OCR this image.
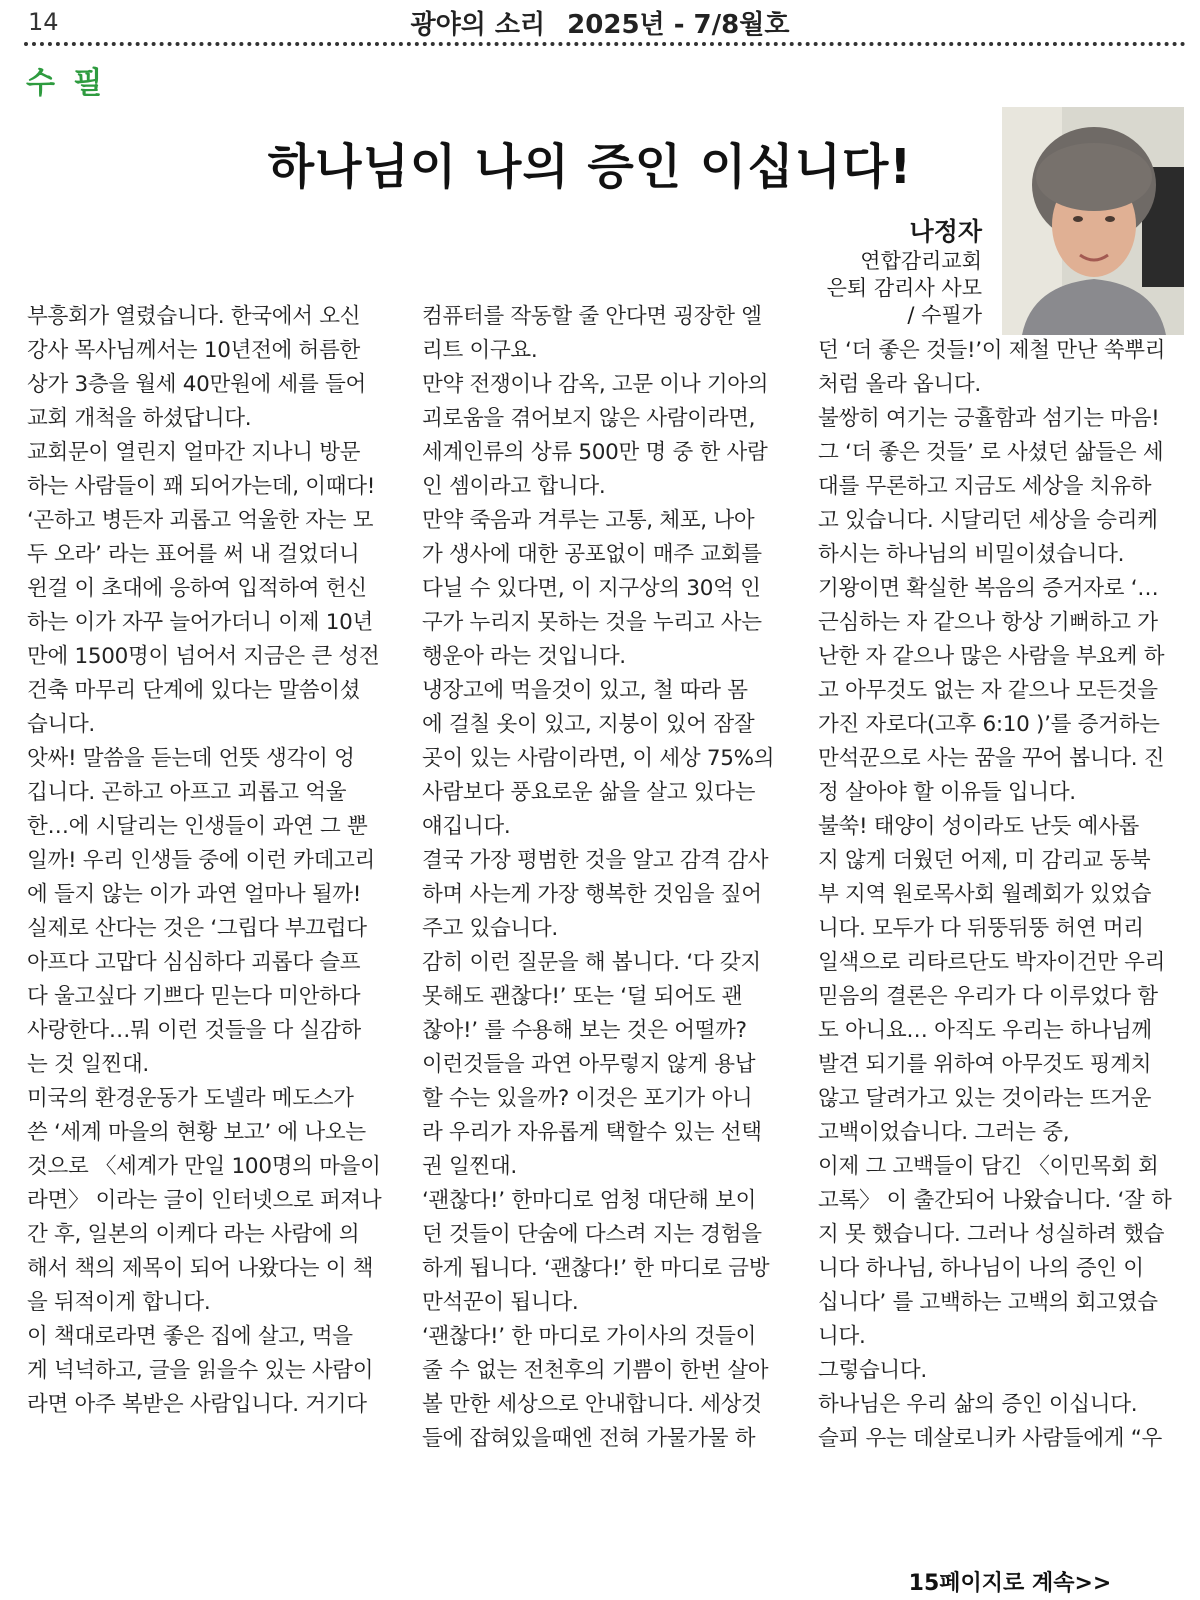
14	광야의 소리 2025년 - 7/8월호
수 필
하나님이 나의 증인 이십니다!
나정자
연합감리교회
은퇴 감리사 사모
/ 수필가

부흥회가 열렸습니다. 한국에서 오신
강사 목사님께서는 10년전에 허름한
상가 3층을 월세 40만원에 세를 들어
교회 개척을 하셨답니다.

교회문이 열린지 얼마간 지나니 방문
하는 사람들이 꽤 되어가는데, 이때다!
‘곤하고 병든자 괴롭고 억울한 자는 모
두 오라’ 라는 표어를 써 내 걸었더니
윈걸 이 초대에 응하여 입적하여 헌신
하는 이가 자꾸 늘어가더니 이제 10년
만에 1500명이 넘어서 지금은 큰 성전
건축 마무리 단계에 있다는 말씀이셨
습니다.

앗싸! 말씀을 듣는데 언뜻 생각이 엉
깁니다. 곤하고 아프고 괴롭고 억울
한…에 시달리는 인생들이 과연 그 뿐
일까! 우리 인생들 중에 이런 카데고리
에 들지 않는 이가 과연 얼마나 될까!

실제로 산다는 것은 ‘그립다 부끄럽다
아프다 고맙다 심심하다 괴롭다 슬프
다 울고싶다 기쁘다 믿는다 미안하다
사랑한다…뭐 이런 것들을 다 실감하
는 것 일찐대.

미국의 환경운동가 도넬라 메도스가
쓴 ‘세계 마을의 현황 보고’ 에 나오는
것으로 〈세계가 만일 100명의 마을이
라면〉 이라는 글이 인터넷으로 퍼져나
간 후, 일본의 이케다 라는 사람에 의
해서 책의 제목이 되어 나왔다는 이 책
을 뒤적이게 합니다.

이 책대로라면 좋은 집에 살고, 먹을
게 넉넉하고, 글을 읽을수 있는 사람이
라면 아주 복받은 사람입니다. 거기다

컴퓨터를 작동할 줄 안다면 굉장한 엘
리트 이구요.
만약 전쟁이나 감옥, 고문 이나 기아의
괴로움을 겪어보지 않은 사람이라면,
세계인류의 상류 500만 명 중 한 사람
인 셈이라고 합니다.

만약 죽음과 겨루는 고통, 체포, 나아
가 생사에 대한 공포없이 매주 교회를
다닐 수 있다면, 이 지구상의 30억 인
구가 누리지 못하는 것을 누리고 사는
행운아 라는 것입니다.

냉장고에 먹을것이 있고, 철 따라 몸
에 걸칠 옷이 있고, 지붕이 있어 잠잘
곳이 있는 사람이라면, 이 세상 75%의
사람보다 풍요로운 삶을 살고 있다는
얘깁니다.
결국 가장 평범한 것을 알고 감격 감사
하며 사는게 가장 행복한 것임을 짚어
주고 있습니다.

감히 이런 질문을 해 봅니다. ‘다 갖지
못해도 괜찮다!’ 또는 ‘덜 되어도 괜
찮아!’ 를 수용해 보는 것은 어떨까?
이런것들을 과연 아무렇지 않게 용납
할 수는 있을까? 이것은 포기가 아니
라 우리가 자유롭게 택할수 있는 선택
권 일찐대.

‘괜찮다!’ 한마디로 엄청 대단해 보이
던 것들이 단숨에 다스려 지는 경험을
하게 됩니다. ‘괜찮다!’ 한 마디로 금방
만석꾼이 됩니다.
‘괜찮다!’ 한 마디로 가이사의 것들이
줄 수 없는 전천후의 기쁨이 한번 살아
볼 만한 세상으로 안내합니다. 세상것
들에 잡혀있을때엔 전혀 가물가물 하

던 ‘더 좋은 것들!’이 제철 만난 쑥뿌리
처럼 올라 옵니다.

불쌍히 여기는 긍휼함과 섬기는 마음!
그 ‘더 좋은 것들’ 로 사셨던 삶들은 세
대를 무론하고 지금도 세상을 치유하
고 있습니다. 시달리던 세상을 승리케
하시는 하나님의 비밀이셨습니다.

기왕이면 확실한 복음의 증거자로 ‘…
근심하는 자 같으나 항상 기뻐하고 가
난한 자 같으나 많은 사람을 부요케 하
고 아무것도 없는 자 같으나 모든것을
가진 자로다(고후 6:10 )’를 증거하는
만석꾼으로 사는 꿈을 꾸어 봅니다. 진
정 살아야 할 이유들 입니다.

불쑥! 태양이 성이라도 난듯 예사롭
지 않게 더웠던 어제, 미 감리교 동북
부 지역 원로목사회 월례회가 있었습
니다. 모두가 다 뒤뚱뒤뚱 허연 머리
일색으로 리타르단도 박자이건만 우리
믿음의 결론은 우리가 다 이루었다 함
도 아니요… 아직도 우리는 하나님께
발견 되기를 위하여 아무것도 핑계치
않고 달려가고 있는 것이라는 뜨거운
고백이었습니다. 그러는 중,
이제 그 고백들이 담긴 〈이민목회 회
고록〉 이 출간되어 나왔습니다. ‘잘 하
지 못 했습니다. 그러나 성실하려 했습
니다 하나님, 하나님이 나의 증인 이
십니다’ 를 고백하는 고백의 회고였습
니다.
그렇습니다.
하나님은 우리 삶의 증인 이십니다.
슬피 우는 데살로니카 사람들에게 “우

15페이지로 계속>>
